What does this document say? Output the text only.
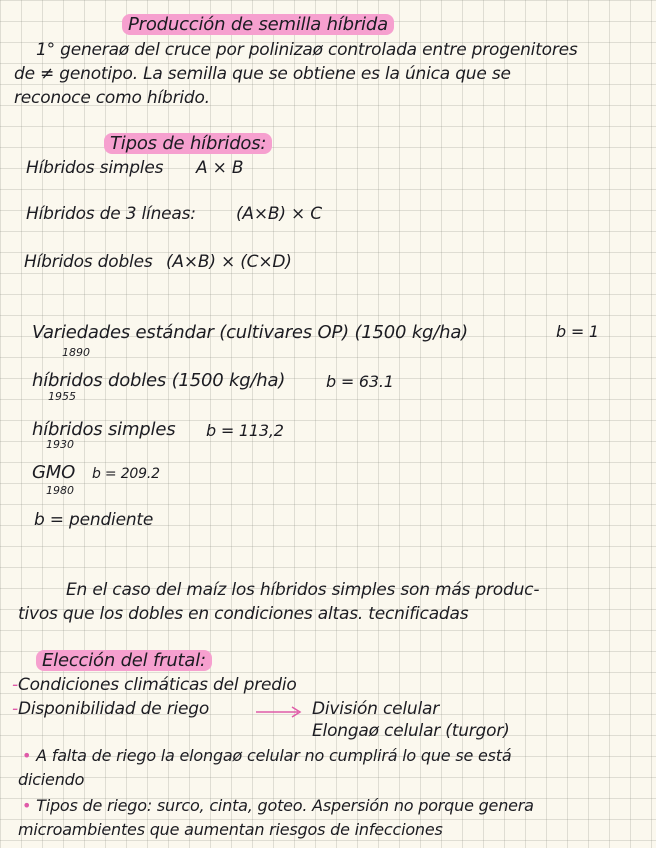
Producción de semilla híbrida
1° generaø del cruce por polinizaø controlada entre progenitores
de ≠ genotipo. La semilla que se obtiene es la única que se
reconoce como híbrido.
Tipos de híbridos:
Híbridos simples A × B
Híbridos de 3 líneas: (A×B) × C
Híbridos dobles (A×B) × (C×D)
Variedades estándar (cultivares OP) (1500 kg/ha)	b = 1
1890
híbridos dobles (1500 kg/ha)	b = 63.1
1955
híbridos simples b = 113,2
1930
GMO b = 209.2
1980
b = pendiente
En el caso del maíz los híbridos simples son más produc-
tivos que los dobles en condiciones altas. tecnificadas
Elección del frutal:
-Condiciones climáticas del predio
-Disponibilidad de riego	División celular
Elongaø celular (turgor)
• A falta de riego la elongaø celular no cumplirá lo que se está
diciendo
• Tipos de riego: surco, cinta, goteo. Aspersión no porque genera
microambientes que aumentan riesgos de infecciones
